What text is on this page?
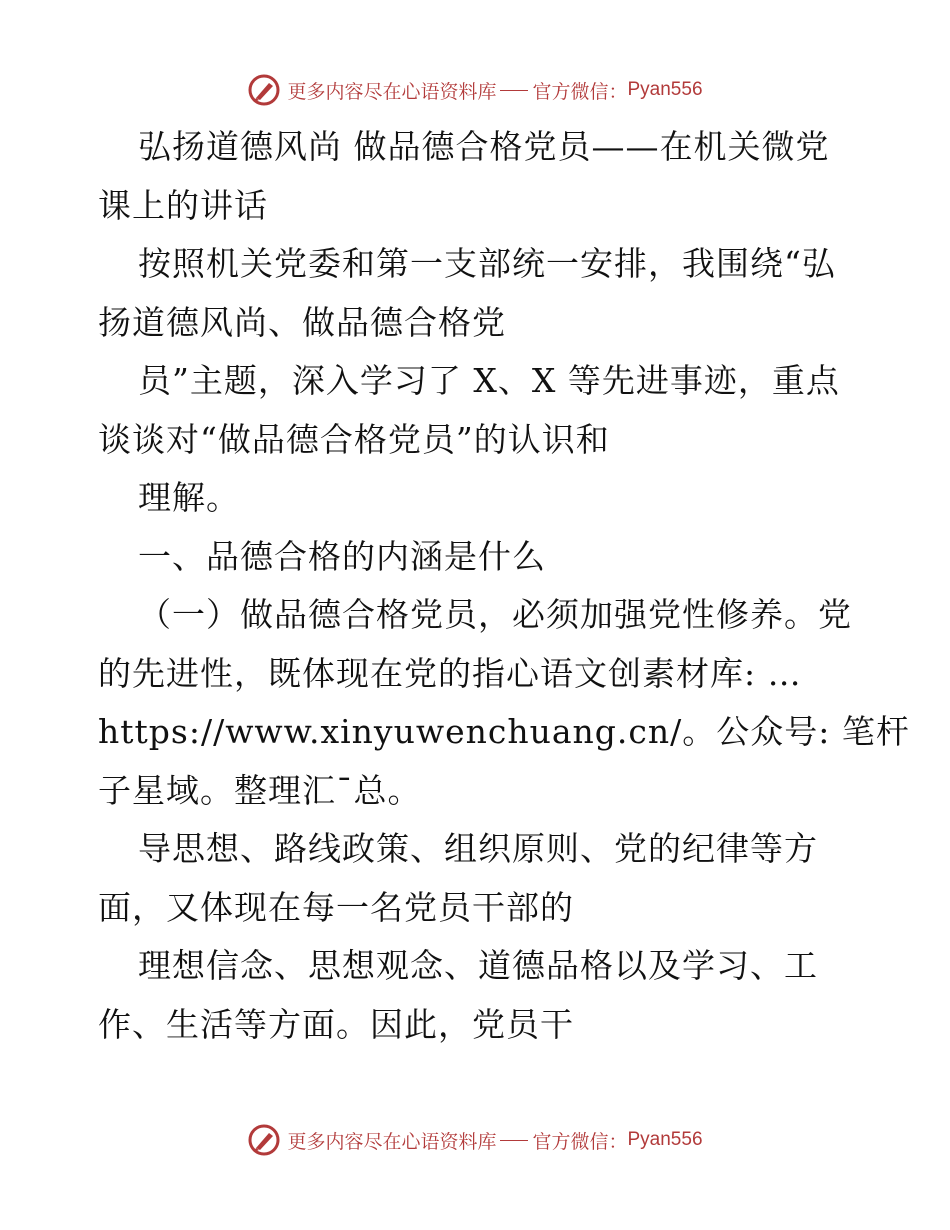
更多内容尽在心语资料库 官方微信： Pyan556
弘扬道德风尚 做品德合格党员——在机关微党
课上的讲话
按照机关党委和第一支部统一安排，我围绕“弘
扬道德风尚、做品德合格党
员”主题，深入学习了 X、X 等先进事迹，重点
谈谈对“做品德合格党员”的认识和
理解。
一、品德合格的内涵是什么
（一）做品德合格党员，必须加强党性修养。党
的先进性，既体现在党的指心语文创素材库: …
https://www.xinyuwenchuang.cn/。公众号: 笔杆
子星域。整理汇¯总。
导思想、路线政策、组织原则、党的纪律等方
面，又体现在每一名党员干部的
理想信念、思想观念、道德品格以及学习、工
作、生活等方面。因此，党员干
更多内容尽在心语资料库 官方微信： Pyan556
